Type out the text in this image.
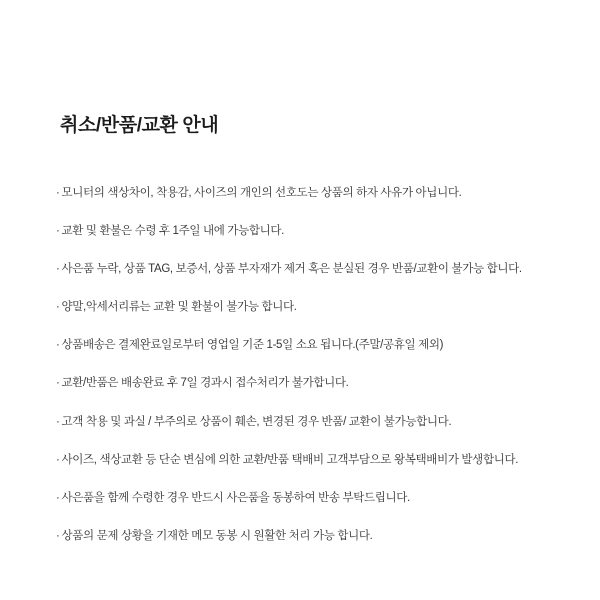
취소/반품/교환 안내
· 모니터의 색상차이, 착용감, 사이즈의 개인의 선호도는 상품의 하자 사유가 아닙니다.
· 교환 및 환불은 수령 후 1주일 내에 가능합니다.
· 사은품 누락, 상품 TAG, 보증서, 상품 부자재가 제거 혹은 분실된 경우 반품/교환이 불가능 합니다.
· 양말,악세서리류는 교환 및 환불이 불가능 합니다.
· 상품배송은 결제완료일로부터 영업일 기준 1-5일 소요 됩니다.(주말/공휴일 제외)
· 교환/반품은 배송완료 후 7일 경과시 접수처리가 불가합니다.
· 고객 착용 및 과실 / 부주의로 상품이 훼손, 변경된 경우 반품/ 교환이 불가능합니다.
· 사이즈, 색상교환 등 단순 변심에 의한 교환/반품 택배비 고객부담으로 왕복택배비가 발생합니다.
· 사은품을 함께 수령한 경우 반드시 사은품을 동봉하여 반송 부탁드립니다.
· 상품의 문제 상황을 기재한 메모 동봉 시 원활한 처리 가능 합니다.
